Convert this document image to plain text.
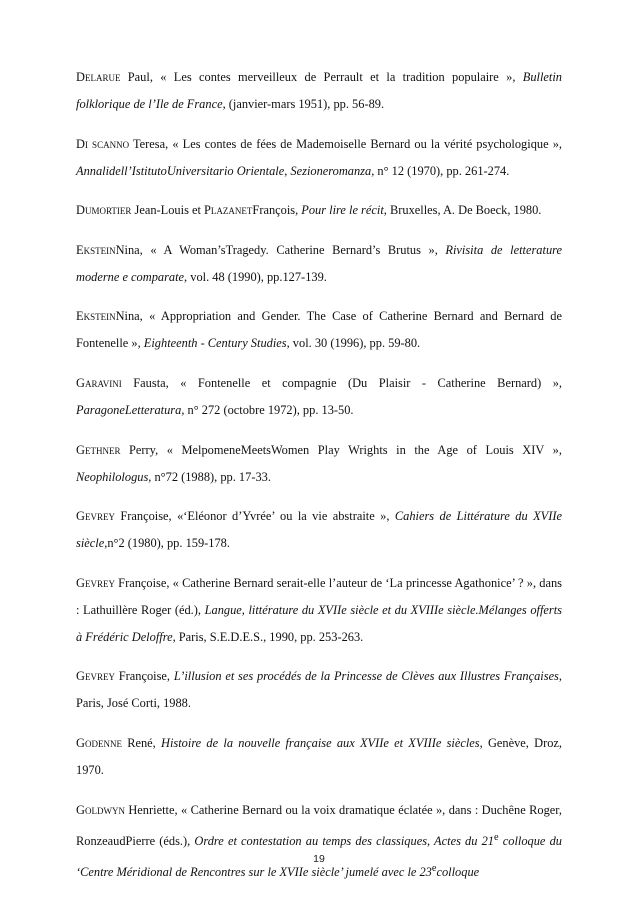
Delarue Paul, « Les contes merveilleux de Perrault et la tradition populaire », Bulletin folklorique de l’Ile de France, (janvier-mars 1951), pp. 56-89.

Di scanno Teresa, « Les contes de fées de Mademoiselle Bernard ou la vérité psychologique », Annalidell’IstitutoUniversitario Orientale, Sezioneromanza, n° 12 (1970), pp. 261-274.

Dumortier Jean-Louis et PlazanetFrançois, Pour lire le récit, Bruxelles, A. De Boeck, 1980.

EksteinNina, « A Woman’sTragedy. Catherine Bernard’s Brutus », Rivisita de letterature moderne e comparate, vol. 48 (1990), pp.127-139.

EksteinNina, « Appropriation and Gender. The Case of Catherine Bernard and Bernard de Fontenelle », Eighteenth - Century Studies, vol. 30 (1996), pp. 59-80.

Garavini Fausta, « Fontenelle et compagnie (Du Plaisir - Catherine Bernard) », ParagoneLetteratura, n° 272 (octobre 1972), pp. 13-50.

Gethner Perry, « MelpomeneMeetsWomen Play Wrights in the Age of Louis XIV », Neophilologus, n°72 (1988), pp. 17-33.

Gevrey Françoise, «‘Eléonor d’Yvrée’ ou la vie abstraite », Cahiers de Littérature du XVIIe siècle,n°2 (1980), pp. 159-178.

Gevrey Françoise, « Catherine Bernard serait-elle l’auteur de ‘La princesse Agathonice’ ? », dans : Lathuillère Roger (éd.), Langue, littérature du XVIIe siècle et du XVIIIe siècle.Mélanges offerts à Frédéric Deloffre, Paris, S.E.D.E.S., 1990, pp. 253-263.

Gevrey Françoise, L’illusion et ses procédés de la Princesse de Clèves aux Illustres Françaises, Paris, José Corti, 1988.

Godenne René, Histoire de la nouvelle française aux XVIIe et XVIIIe siècles, Genève, Droz, 1970.

Goldwyn Henriette, « Catherine Bernard ou la voix dramatique éclatée », dans : Duchêne Roger, RonzeaudPierre (éds.), Ordre et contestation au temps des classiques, Actes du 21e colloque du ‘Centre Méridional de Rencontres sur le XVIIe siècle’ jumelé avec le 23ecolloque

19
